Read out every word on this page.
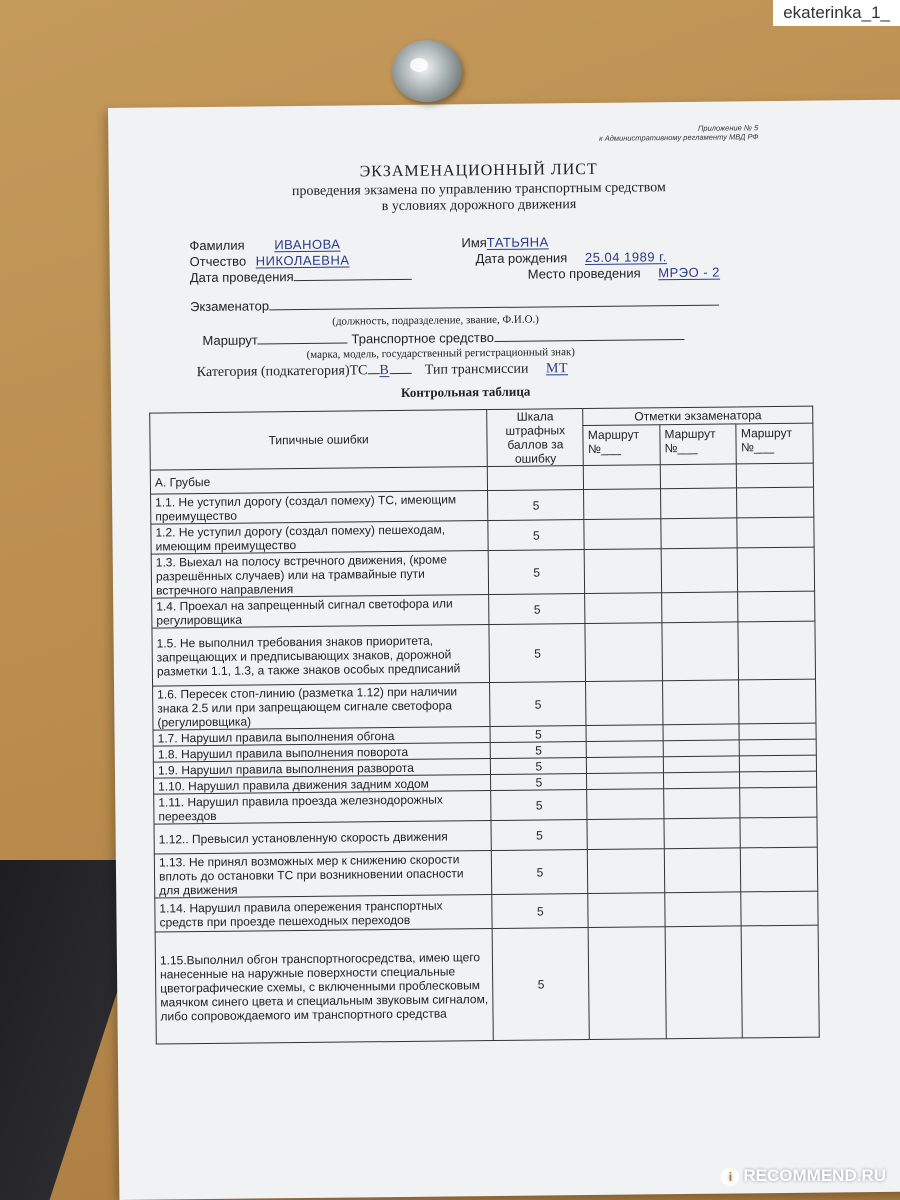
Приложение № 5
к Административному регламенту МВД РФ
ЭКЗАМЕНАЦИОННЫЙ ЛИСТ
проведения экзамена по управлению транспортным средством
в условиях дорожного движения
Фамилия ИВАНОВА	ИмяТАТЬЯНА
Отчество НИКОЛАЕВНА	Дата рождения 25.04 1989 г.
Дата проведения	Место проведения МРЭО - 2
Экзаменатор
(должность, подразделение, звание, Ф.И.О.)
Маршрут	Транспортное средство
(марка, модель, государственный регистрационный знак)
Категория (подкатегория)ТС В	Тип трансмиссии МТ
Контрольная таблица
Типичные ошибки	Шкала штрафных баллов за ошибку	Отметки экзаменатора		
		Маршрут №___	Маршрут №___	Маршрут №___
А. Грубые				
1.1. Не уступил дорогу (создал помеху) ТС, имеющим преимущество	5			
1.2. Не уступил дорогу (создал помеху) пешеходам, имеющим преимущество	5			
1.3. Выехал на полосу встречного движения, (кроме разрешённых случаев) или на трамвайные пути встречного направления	5			
1.4. Проехал на запрещенный сигнал светофора или регулировщика	5			
1.5. Не выполнил требования знаков приоритета, запрещающих и предписывающих знаков, дорожной разметки 1.1, 1.3, а также знаков особых предписаний	5			
1.6. Пересек стоп-линию (разметка 1.12) при наличии знака 2.5 или при запрещающем сигнале светофора (регулировщика)	5			
1.7. Нарушил правила выполнения обгона	5			
1.8. Нарушил правила выполнения поворота	5			
1.9. Нарушил правила выполнения разворота	5			
1.10. Нарушил правила движения задним ходом	5			
1.11. Нарушил правила проезда железнодорожных переездов	5			
1.12.. Превысил установленную скорость движения	5			
1.13. Не принял возможных мер к снижению скорости вплоть до остановки ТС при возникновении опасности для движения	5			
1.14. Нарушил правила опережения транспортных средств при проезде пешеходных переходов	5			
1.15.Выполнил обгон транспортногосредства, имею щего нанесенные на наружные поверхности специальные цветографические схемы, с включенными проблесковым маячком синего цвета и специальным звуковым сигналом, либо сопровождаемого им транспортного средства	5			
ekaterinka_1_
i RECOMMEND.RU
